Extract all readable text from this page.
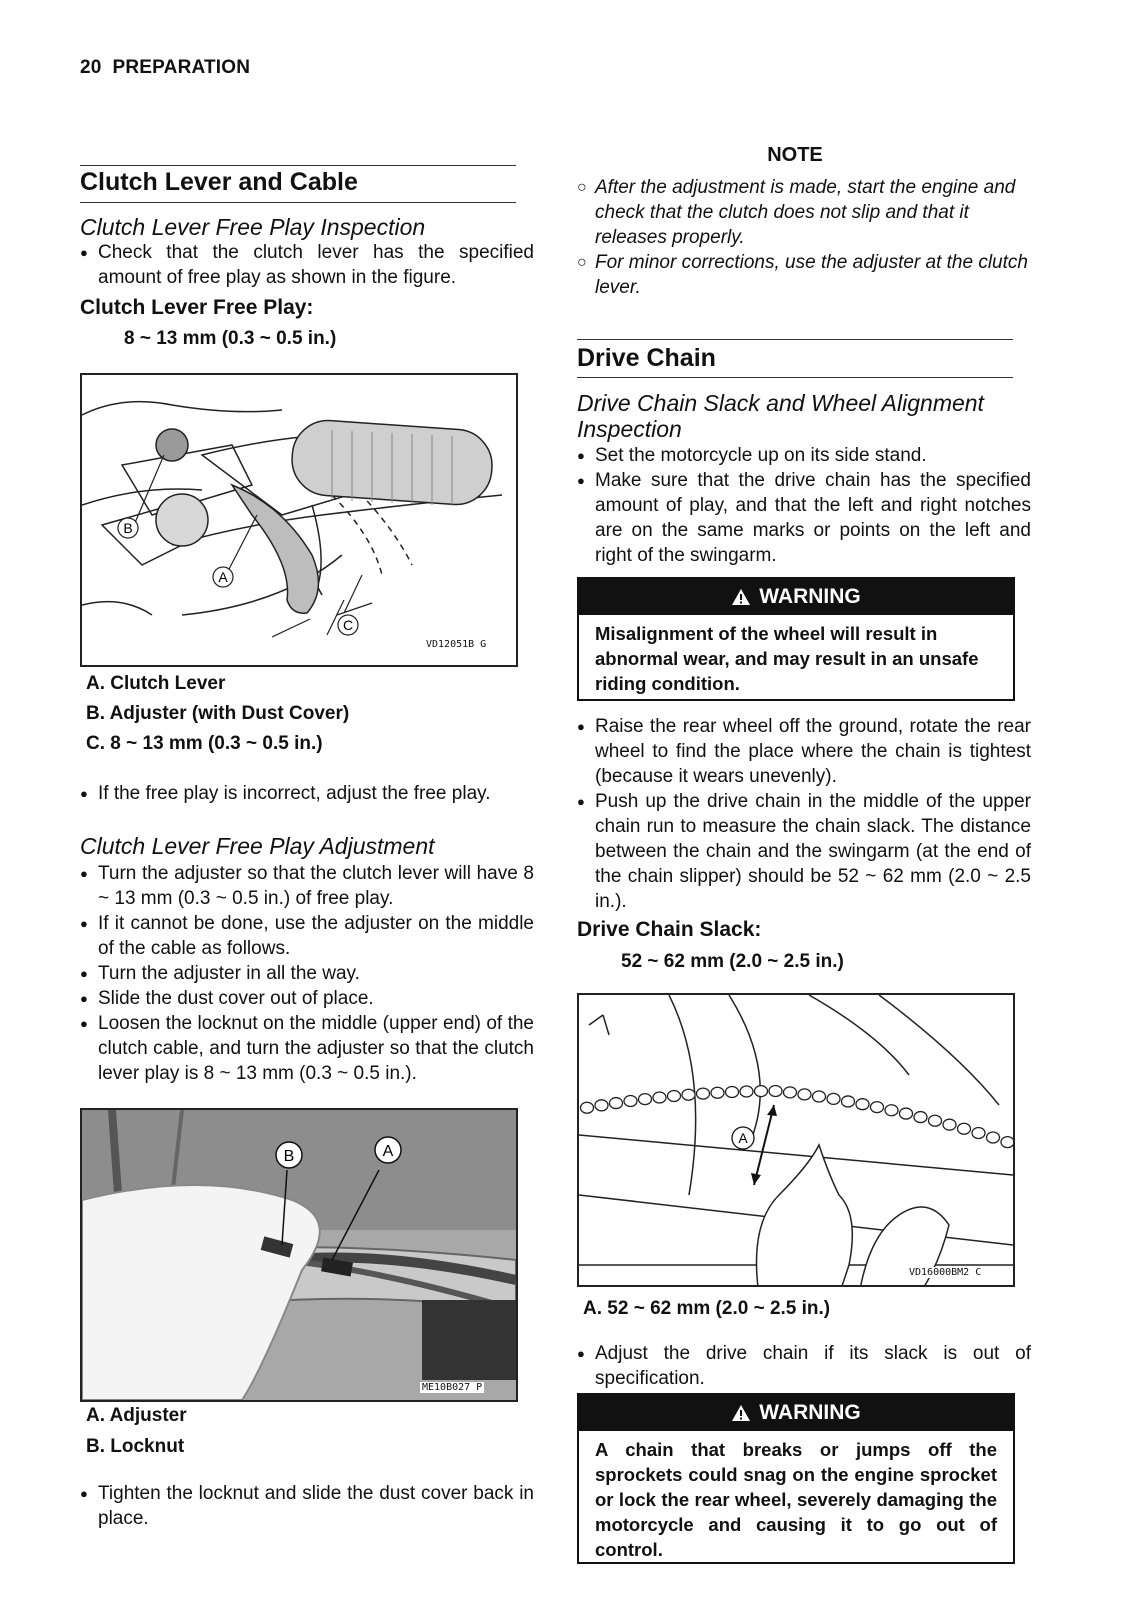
20 PREPARATION
Clutch Lever and Cable
Clutch Lever Free Play Inspection
● Check that the clutch lever has the specified amount of free play as shown in the figure.
Clutch Lever Free Play:
8 ~ 13 mm (0.3 ~ 0.5 in.)
B
A
C
VD12051B G
A. Clutch Lever
B. Adjuster (with Dust Cover)
C. 8 ~ 13 mm (0.3 ~ 0.5 in.)
● If the free play is incorrect, adjust the free play.
Clutch Lever Free Play Adjustment
● Turn the adjuster so that the clutch lever will have 8 ~ 13 mm (0.3 ~ 0.5 in.) of free play.
● If it cannot be done, use the adjuster on the middle of the cable as follows.
● Turn the adjuster in all the way.
● Slide the dust cover out of place.
● Loosen the locknut on the middle (upper end) of the clutch cable, and turn the adjuster so that the clutch lever play is 8 ~ 13 mm (0.3 ~ 0.5 in.).
B	A
ME10B027 P
A. Adjuster
B. Locknut
● Tighten the locknut and slide the dust cover back in place.
NOTE
○ After the adjustment is made, start the engine and check that the clutch does not slip and that it releases properly.
○ For minor corrections, use the adjuster at the clutch lever.
Drive Chain
Drive Chain Slack and Wheel Alignment Inspection
● Set the motorcycle up on its side stand.
● Make sure that the drive chain has the specified amount of play, and that the left and right notches are on the same marks or points on the left and right of the swingarm.
WARNING
Misalignment of the wheel will result in abnormal wear, and may result in an unsafe riding condition.
● Raise the rear wheel off the ground, rotate the rear wheel to find the place where the chain is tightest (because it wears unevenly).
● Push up the drive chain in the middle of the upper chain run to measure the chain slack. The distance between the chain and the swingarm (at the end of the chain slipper) should be 52 ~ 62 mm (2.0 ~ 2.5 in.).
Drive Chain Slack:
52 ~ 62 mm (2.0 ~ 2.5 in.)
A
VD16000BM2 C
A. 52 ~ 62 mm (2.0 ~ 2.5 in.)
● Adjust the drive chain if its slack is out of specification.
WARNING
A chain that breaks or jumps off the sprockets could snag on the engine sprocket or lock the rear wheel, severely damaging the motorcycle and causing it to go out of control.
